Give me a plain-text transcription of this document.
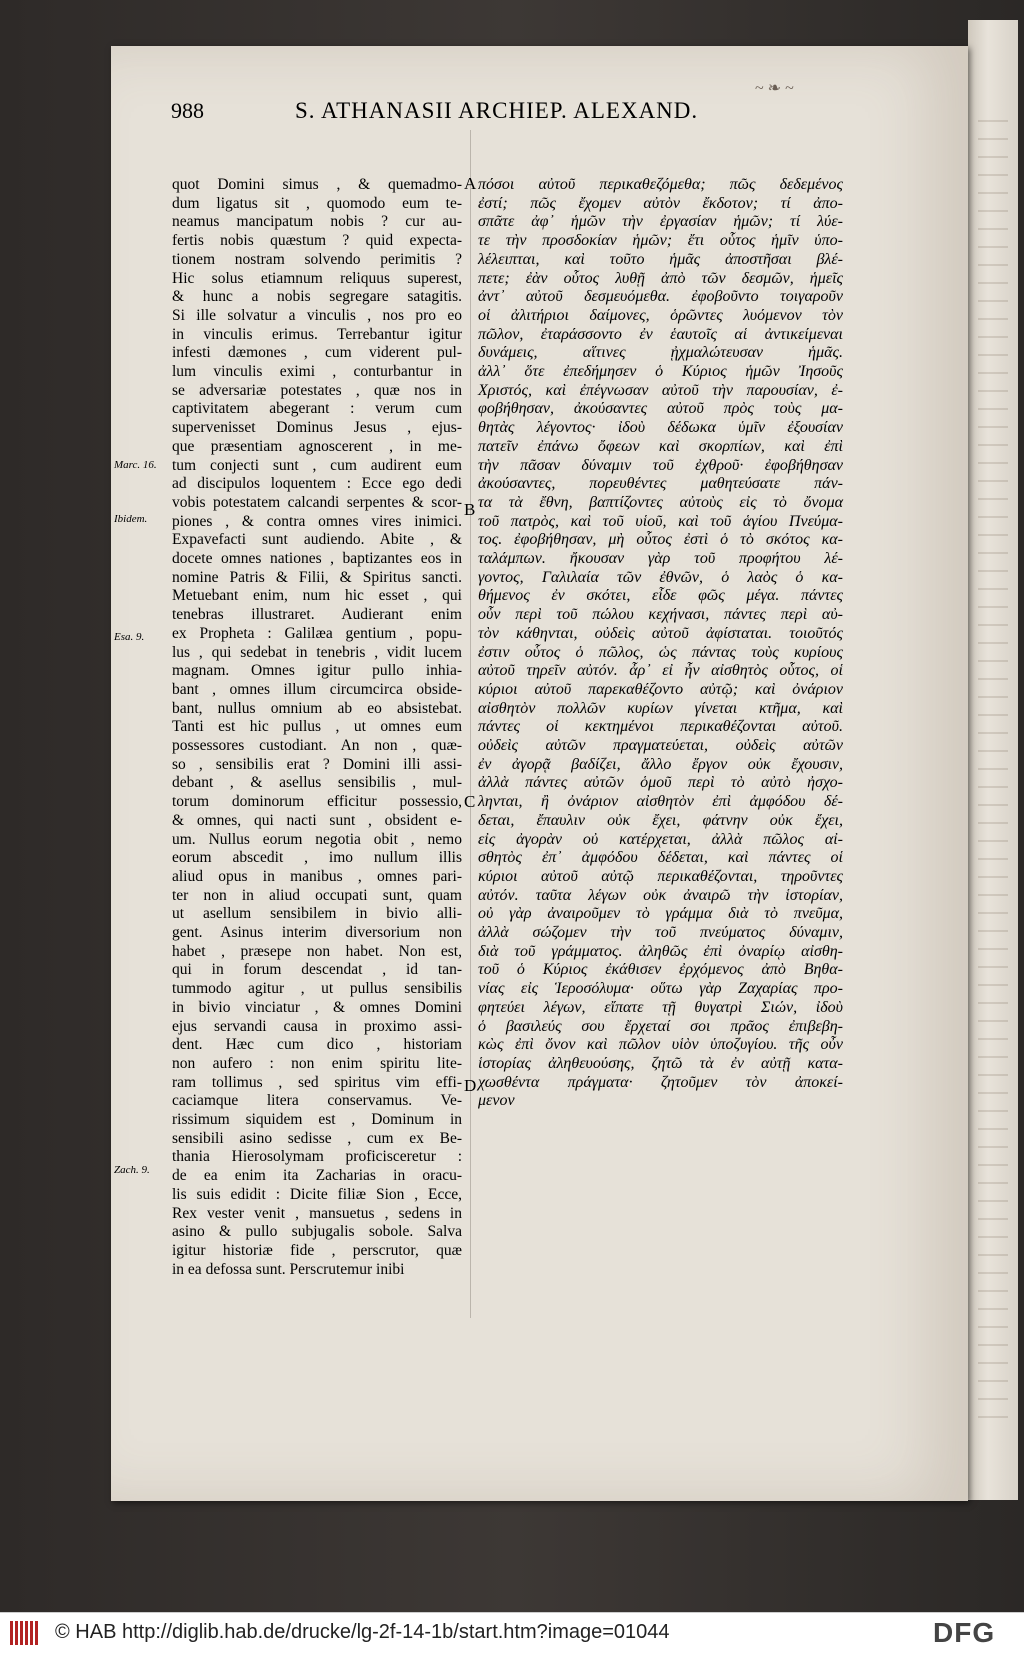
~ ❧ ~
988	S. ATHANASII ARCHIEP. ALEXAND.
Marc. 16.
Ibidem.
Esa. 9.
Zach. 9.
A
B
C
D
quot Domini simus , & quemadmo-
dum ligatus sit , quomodo eum te-
neamus mancipatum nobis ? cur au-
fertis nobis quæstum ? quid expecta-
tionem nostram solvendo perimitis ?
Hic solus etiamnum reliquus superest,
& hunc a nobis segregare satagitis.
Si ille solvatur a vinculis , nos pro eo
in vinculis erimus. Terrebantur igitur
infesti dæmones , cum viderent pul-
lum vinculis eximi , conturbantur in
se adversariæ potestates , quæ nos in
captivitatem abegerant : verum cum
supervenisset Dominus Jesus , ejus-
que præsentiam agnoscerent , in me-
tum conjecti sunt , cum audirent eum
ad discipulos loquentem : Ecce ego dedi
vobis potestatem calcandi serpentes & scor-
piones , & contra omnes vires inimici.
Expavefacti sunt audiendo. Abite , &
docete omnes nationes , baptizantes eos in
nomine Patris & Filii, & Spiritus sancti.
Metuebant enim, num hic esset , qui
tenebras illustraret. Audierant enim
ex Propheta : Galilæa gentium , popu-
lus , qui sedebat in tenebris , vidit lucem
magnam. Omnes igitur pullo inhia-
bant , omnes illum circumcirca obside-
bant, nullus omnium ab eo absistebat.
Tanti est hic pullus , ut omnes eum
possessores custodiant. An non , quæ-
so , sensibilis erat ? Domini illi assi-
debant , & asellus sensibilis , mul-
torum dominorum efficitur possessio,
& omnes, qui nacti sunt , obsident e-
um. Nullus eorum negotia obit , nemo
eorum abscedit , imo nullum illis
aliud opus in manibus , omnes pari-
ter non in aliud occupati sunt, quam
ut asellum sensibilem in bivio alli-
gent. Asinus interim diversorium non
habet , præsepe non habet. Non est,
qui in forum descendat , id tan-
tummodo agitur , ut pullus sensibilis
in bivio vinciatur , & omnes Domini
ejus servandi causa in proximo assi-
dent. Hæc cum dico , historiam
non aufero : non enim spiritu lite-
ram tollimus , sed spiritus vim effi-
caciamque litera conservamus. Ve-
rissimum siquidem est , Dominum in
sensibili asino sedisse , cum ex Be-
thania Hierosolymam proficisceretur :
de ea enim ita Zacharias in oracu-
lis suis edidit : Dicite filiæ Sion , Ecce,
Rex vester venit , mansuetus , sedens in
asino & pullo subjugalis sobole. Salva
igitur historiæ fide , perscrutor, quæ
in ea defossa sunt. Perscrutemur inibi
πόσοι αὐτοῦ περικαθεζόμεθα; πῶς δεδεμένος
ἐστί; πῶς ἔχομεν αὐτὸν ἔκδοτον; τί ἀπο-
σπᾶτε ἀφ᾽ ἡμῶν τὴν ἐργασίαν ἡμῶν; τί λύε-
τε τὴν προσδοκίαν ἡμῶν; ἔτι οὗτος ἡμῖν ὑπο-
λέλειπται, καὶ τοῦτο ἡμᾶς ἀποστῆσαι βλέ-
πετε; ἐὰν οὗτος λυθῇ ἀπὸ τῶν δεσμῶν, ἡμεῖς
ἀντ᾽ αὐτοῦ δεσμευόμεθα. ἐφοβοῦντο τοιγαροῦν
οἱ ἀλιτήριοι δαίμονες, ὁρῶντες λυόμενον τὸν
πῶλον, ἐταράσσοντο ἐν ἑαυτοῖς αἱ ἀντικείμεναι
δυνάμεις, αἵτινες ᾐχμαλώτευσαν ἡμᾶς.
ἀλλ᾽ ὅτε ἐπεδήμησεν ὁ Κύριος ἡμῶν Ἰησοῦς
Χριστός, καὶ ἐπέγνωσαν αὐτοῦ τὴν παρουσίαν, ἐ-
φοβήθησαν, ἀκούσαντες αὐτοῦ πρὸς τοὺς μα-
θητὰς λέγοντος· ἰδοὺ δέδωκα ὑμῖν ἐξουσίαν
πατεῖν ἐπάνω ὄφεων καὶ σκορπίων, καὶ ἐπὶ
τὴν πᾶσαν δύναμιν τοῦ ἐχθροῦ· ἐφοβήθησαν
ἀκούσαντες, πορευθέντες μαθητεύσατε πάν-
τα τὰ ἔθνη, βαπτίζοντες αὐτοὺς εἰς τὸ ὄνομα
τοῦ πατρὸς, καὶ τοῦ υἱοῦ, καὶ τοῦ ἁγίου Πνεύμα-
τος. ἐφοβήθησαν, μὴ οὗτος ἐστὶ ὁ τὸ σκότος κα-
ταλάμπων. ἤκουσαν γὰρ τοῦ προφήτου λέ-
γοντος, Γαλιλαία τῶν ἐθνῶν, ὁ λαὸς ὁ κα-
θήμενος ἐν σκότει, εἶδε φῶς μέγα. πάντες
οὖν περὶ τοῦ πώλου κεχήνασι, πάντες περὶ αὐ-
τὸν κάθηνται, οὐδεὶς αὐτοῦ ἀφίσταται. τοιοῦτός
ἐστιν οὗτος ὁ πῶλος, ὡς πάντας τοὺς κυρίους
αὐτοῦ τηρεῖν αὐτόν. ἆρ᾽ εἰ ἦν αἰσθητὸς οὗτος, οἱ
κύριοι αὐτοῦ παρεκαθέζοντο αὐτῷ; καὶ ὀνάριον
αἰσθητὸν πολλῶν κυρίων γίνεται κτῆμα, καὶ
πάντες οἱ κεκτημένοι περικαθέζονται αὐτοῦ.
οὐδεὶς αὐτῶν πραγματεύεται, οὐδεὶς αὐτῶν
ἐν ἀγορᾷ βαδίζει, ἄλλο ἔργον οὐκ ἔχουσιν,
ἀλλὰ πάντες αὐτῶν ὁμοῦ περὶ τὸ αὐτὸ ἠσχο-
ληνται, ἢ ὀνάριον αἰσθητὸν ἐπὶ ἀμφόδου δέ-
δεται, ἔπαυλιν οὐκ ἔχει, φάτνην οὐκ ἔχει,
εἰς ἀγορὰν οὐ κατέρχεται, ἀλλὰ πῶλος αἰ-
σθητὸς ἐπ᾽ ἀμφόδου δέδεται, καὶ πάντες οἱ
κύριοι αὐτοῦ αὐτῷ περικαθέζονται, τηροῦντες
αὐτόν. ταῦτα λέγων οὐκ ἀναιρῶ τὴν ἱστορίαν,
οὐ γὰρ ἀναιροῦμεν τὸ γράμμα διὰ τὸ πνεῦμα,
ἀλλὰ σώζομεν τὴν τοῦ πνεύματος δύναμιν,
διὰ τοῦ γράμματος. ἀληθῶς ἐπὶ ὀναρίῳ αἰσθη-
τοῦ ὁ Κύριος ἐκάθισεν ἐρχόμενος ἀπὸ Βηθα-
νίας εἰς Ἱεροσόλυμα· οὕτω γὰρ Ζαχαρίας προ-
φητεύει λέγων, εἴπατε τῇ θυγατρὶ Σιών, ἰδοὺ
ὁ βασιλεύς σου ἔρχεταί σοι πρᾶος ἐπιβεβη-
κὼς ἐπὶ ὄνον καὶ πῶλον υἱὸν ὑποζυγίου. τῆς οὖν
ἱστορίας ἀληθευούσης, ζητῶ τὰ ἐν αὐτῇ κατα-
χωσθέντα πράγματα· ζητοῦμεν τὸν ἀποκεί-
μενον
© HAB http://diglib.hab.de/drucke/lg-2f-14-1b/start.htm?image=01044	DFG
